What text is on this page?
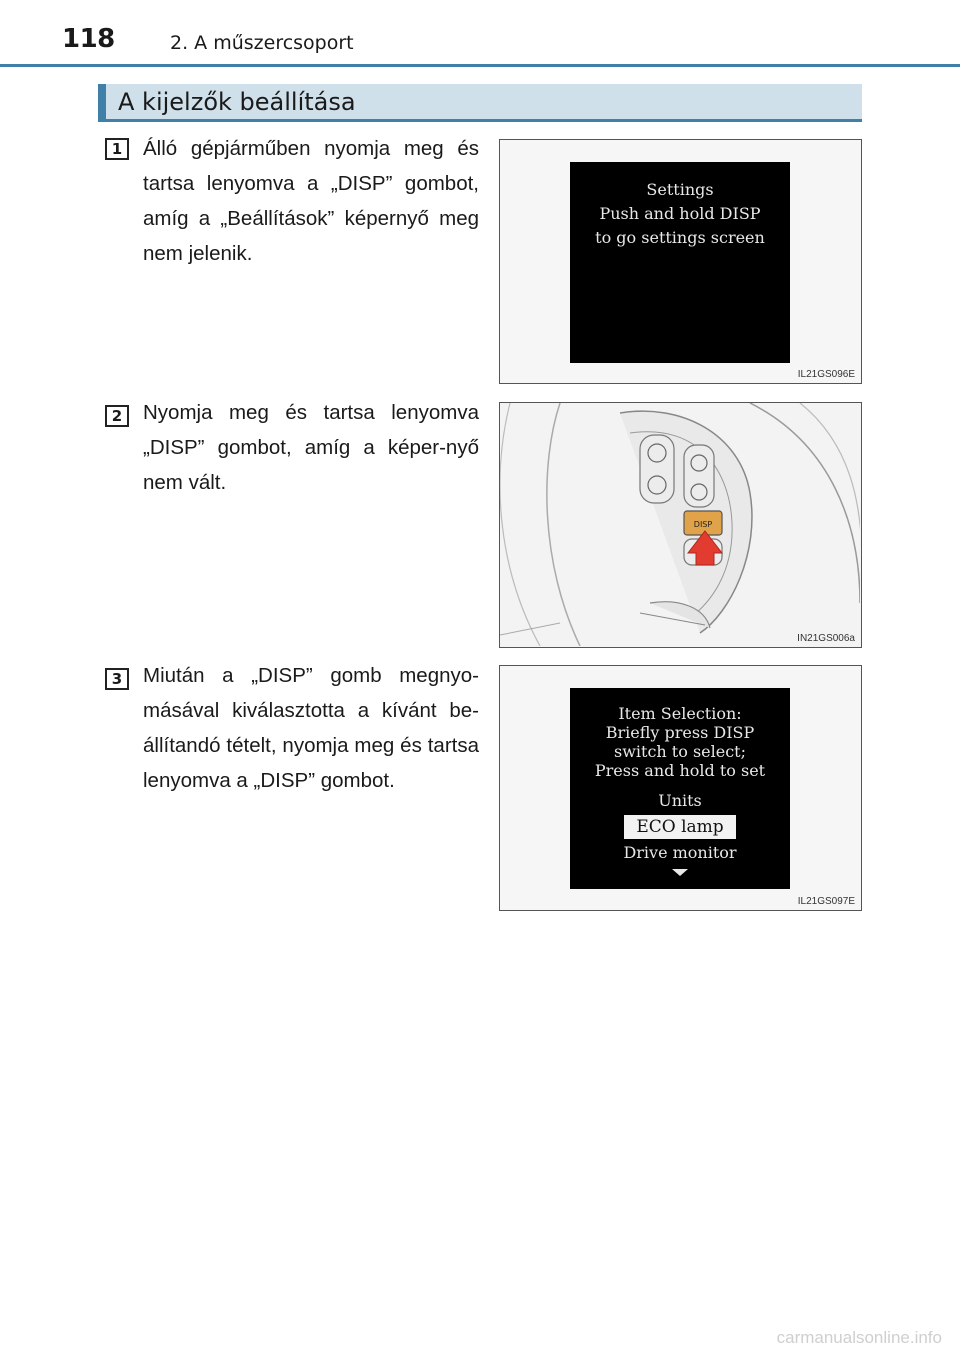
118	2. A műszercsoport
A kijelzők beállítása
1	Álló gépjárműben nyomja meg és tartsa lenyomva a „DISP” gombot, amíg a „Beállítások” képernyő meg nem jelenik.
Settings
Push and hold DISP
to go settings screen
IL21GS096E
2	Nyomja meg és tartsa lenyomva „DISP” gombot, amíg a képer-nyő nem vált.
DISP
IN21GS006a
3	Miután a „DISP” gomb megnyo-másával kiválasztotta a kívánt be-állítandó tételt, nyomja meg és tartsa lenyomva a „DISP” gombot.
Item Selection:
Briefly press DISP
switch to select;
Press and hold to set
Units
ECO lamp
Drive monitor
IL21GS097E
carmanualsonline.info
